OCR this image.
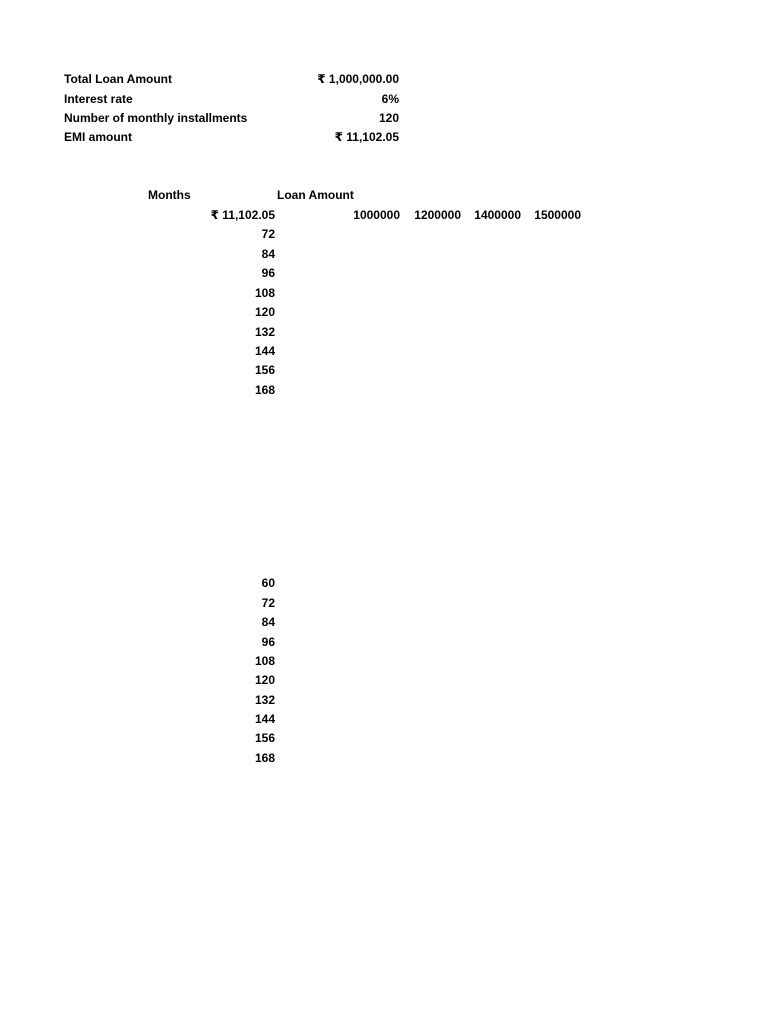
Total Loan Amount	₹ 1,000,000.00
Interest rate	6%
Number of monthly installments	120
EMI amount	₹ 11,102.05
Months	Loan Amount
₹ 11,102.05	1000000	1200000	1400000	1500000
72
84
96
108
120
132
144
156
168
60
72
84
96
108
120
132
144
156
168
